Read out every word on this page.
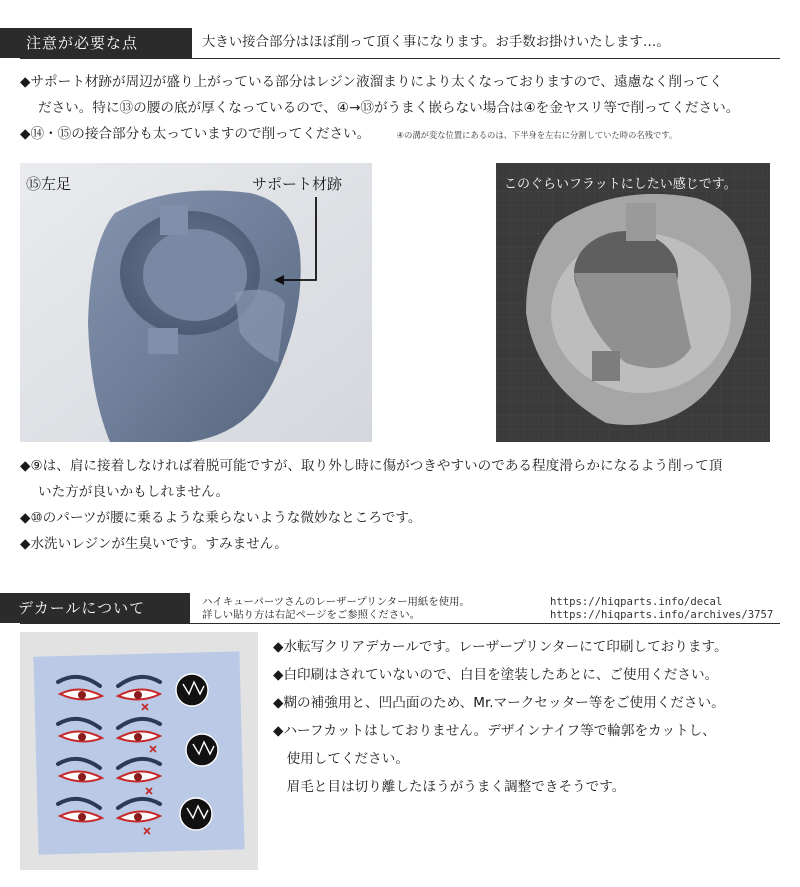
注意が必要な点	大きい接合部分はほぼ削って頂く事になります。お手数お掛けいたします…。
◆サポート材跡が周辺が盛り上がっている部分はレジン液溜まりにより太くなっておりますので、遠慮なく削ってく
ださい。特に⑬の腰の底が厚くなっているので、④→⑬がうまく嵌らない場合は④を金ヤスリ等で削ってください。
◆⑭・⑮の接合部分も太っていますので削ってください。	④の溝が変な位置にあるのは、下半身を左右に分割していた時の名残です。
⑮左足	サポート材跡	このぐらいフラットにしたい感じです。
◆⑨は、肩に接着しなければ着脱可能ですが、取り外し時に傷がつきやすいのである程度滑らかになるよう削って頂
いた方が良いかもしれません。
◆⑩のパーツが腰に乗るような乗らないような微妙なところです。
◆水洗いレジンが生臭いです。すみません。
デカールについて	ハイキューパーツさんのレーザープリンター用紙を使用。
詳しい貼り方は右記ページをご参照ください。
https://hiqparts.info/decal
https://hiqparts.info/archives/3757
◆水転写クリアデカールです。レーザープリンターにて印刷しております。
◆白印刷はされていないので、白目を塗装したあとに、ご使用ください。
◆糊の補強用と、凹凸面のため、Mr.マークセッター等をご使用ください。
◆ハーフカットはしておりません。デザインナイフ等で輪郭をカットし、
　使用してください。
　眉毛と目は切り離したほうがうまく調整できそうです。
